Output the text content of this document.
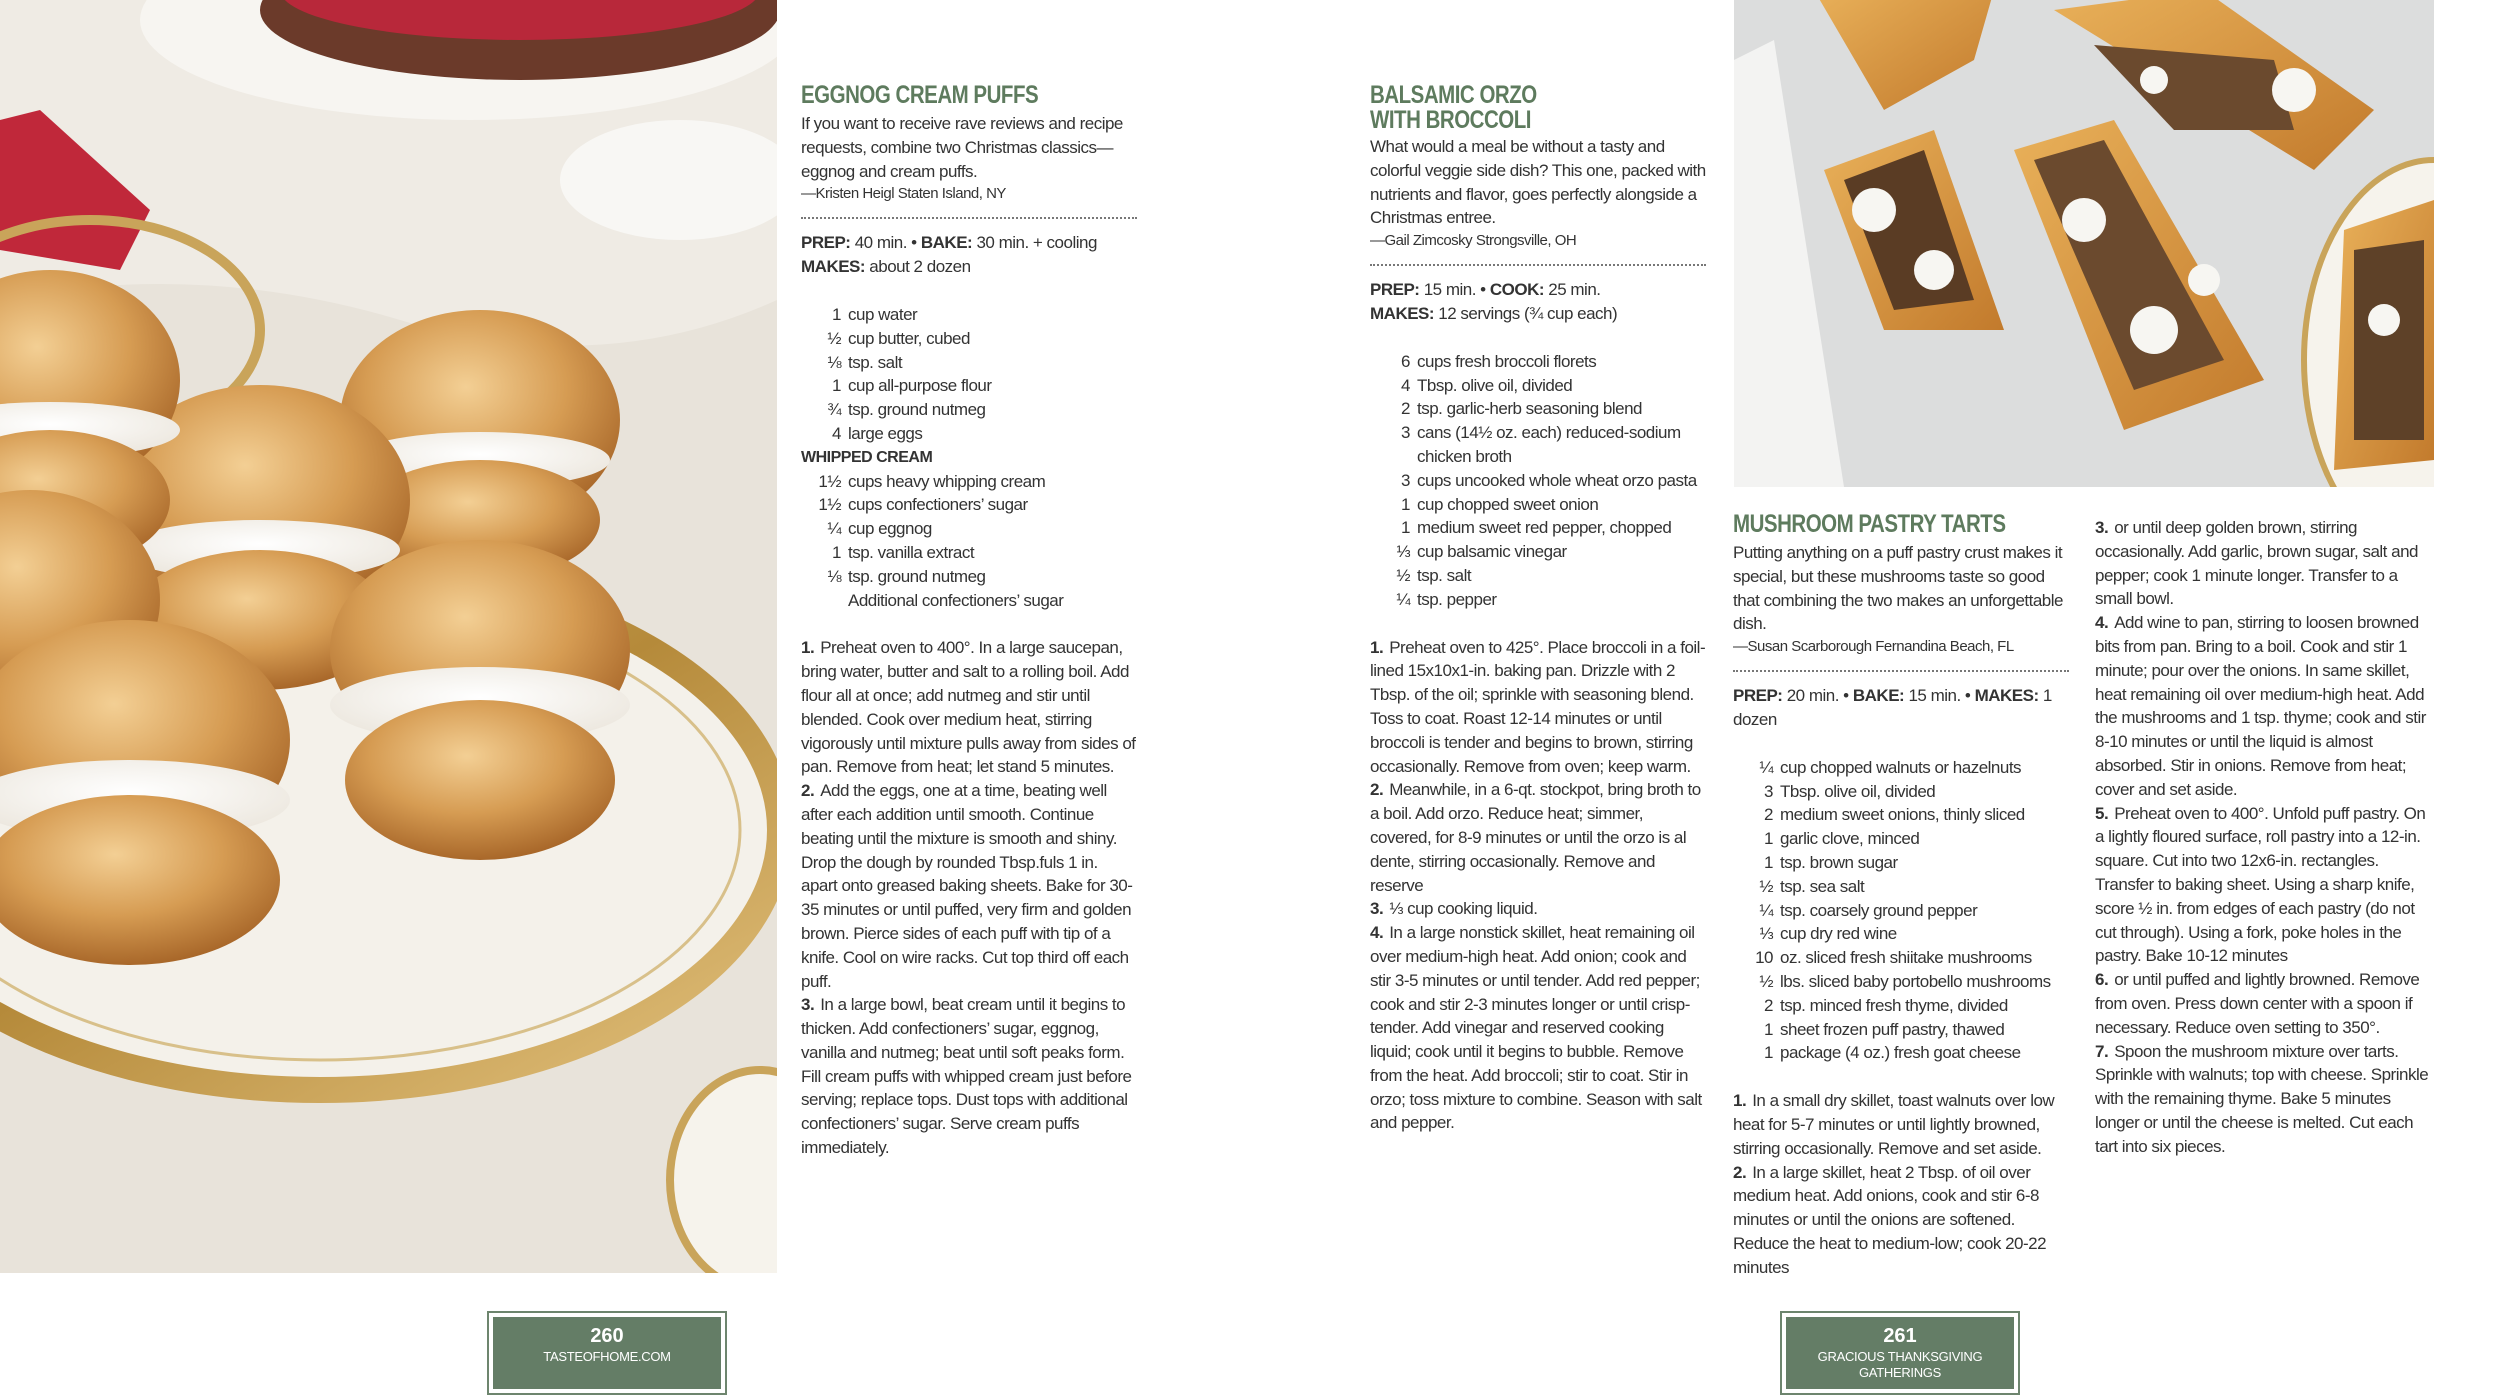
EGGNOG CREAM PUFFS

If you want to receive rave reviews and recipe requests, combine two Christmas classics—eggnog and cream puffs.

—Kristen Heigl Staten Island, NY

PREP: 40 min. • BAKE: 30 min. + cooling

MAKES: about 2 dozen

1 cup water
½ cup butter, cubed
⅛ tsp. salt
1 cup all-purpose flour
¾ tsp. ground nutmeg
4 large eggs
WHIPPED CREAM
1½ cups heavy whipping cream
1½ cups confectioners’ sugar
¼ cup eggnog
1 tsp. vanilla extract
⅛ tsp. ground nutmeg
Additional confectioners’ sugar
1. Preheat oven to 400°. In a large saucepan, bring water, butter and salt to a rolling boil. Add flour all at once; add nutmeg and stir until blended. Cook over medium heat, stirring vigorously until mixture pulls away from sides of pan. Remove from heat; let stand 5 minutes.
2. Add the eggs, one at a time, beating well after each addition until smooth. Continue beating until the mixture is smooth and shiny. Drop the dough by rounded Tbsp.fuls 1 in. apart onto greased baking sheets. Bake for 30-35 minutes or until puffed, very firm and golden brown. Pierce sides of each puff with tip of a knife. Cool on wire racks. Cut top third off each puff.
3. In a large bowl, beat cream until it begins to thicken. Add confectioners’ sugar, eggnog, vanilla and nutmeg; beat until soft peaks form. Fill cream puffs with whipped cream just before serving; replace tops. Dust tops with additional confectioners’ sugar. Serve cream puffs immediately.
BALSAMIC ORZO
WITH BROCCOLI

What would a meal be without a tasty and colorful veggie side dish? This one, packed with nutrients and flavor, goes perfectly alongside a Christmas entree.

—Gail Zimcosky Strongsville, OH

PREP: 15 min. • COOK: 25 min.

MAKES: 12 servings (¾ cup each)

6 cups fresh broccoli florets
4 Tbsp. olive oil, divided
2 tsp. garlic-herb seasoning blend
3 cans (14½ oz. each) reduced-sodium
chicken broth
3 cups uncooked whole wheat orzo pasta
1 cup chopped sweet onion
1 medium sweet red pepper, chopped
⅓ cup balsamic vinegar
½ tsp. salt
¼ tsp. pepper
1. Preheat oven to 425°. Place broccoli in a foil-lined 15x10x1-in. baking pan. Drizzle with 2 Tbsp. of the oil; sprinkle with seasoning blend. Toss to coat. Roast 12-14 minutes or until broccoli is tender and begins to brown, stirring occasionally. Remove from oven; keep warm.
2. Meanwhile, in a 6-qt. stockpot, bring broth to a boil. Add orzo. Reduce heat; simmer, covered, for 8-9 minutes or until the orzo is al dente, stirring occasionally. Remove and reserve
3. ⅓ cup cooking liquid.
4. In a large nonstick skillet, heat remaining oil over medium-high heat. Add onion; cook and stir 3-5 minutes or until tender. Add red pepper; cook and stir 2-3 minutes longer or until crisp-tender. Add vinegar and reserved cooking liquid; cook until it begins to bubble. Remove from the heat. Add broccoli; stir to coat. Stir in orzo; toss mixture to combine. Season with salt and pepper.
MUSHROOM PASTRY TARTS

Putting anything on a puff pastry crust makes it special, but these mushrooms taste so good that combining the two makes an unforgettable dish.

—Susan Scarborough Fernandina Beach, FL

PREP: 20 min. • BAKE: 15 min. • MAKES: 1 dozen

¼ cup chopped walnuts or hazelnuts
3 Tbsp. olive oil, divided
2 medium sweet onions, thinly sliced
1 garlic clove, minced
1 tsp. brown sugar
½ tsp. sea salt
¼ tsp. coarsely ground pepper
⅓ cup dry red wine
10 oz. sliced fresh shiitake mushrooms
½ lbs. sliced baby portobello mushrooms
2 tsp. minced fresh thyme, divided
1 sheet frozen puff pastry, thawed
1 package (4 oz.) fresh goat cheese
1. In a small dry skillet, toast walnuts over low heat for 5-7 minutes or until lightly browned, stirring occasionally. Remove and set aside.
2. In a large skillet, heat 2 Tbsp. of oil over medium heat. Add onions, cook and stir 6-8 minutes or until the onions are softened. Reduce the heat to medium-low; cook 20-22 minutes
3. or until deep golden brown, stirring occasionally. Add garlic, brown sugar, salt and pepper; cook 1 minute longer. Transfer to a small bowl.
4. Add wine to pan, stirring to loosen browned bits from pan. Bring to a boil. Cook and stir 1 minute; pour over the onions. In same skillet, heat remaining oil over medium-high heat. Add the mushrooms and 1 tsp. thyme; cook and stir 8-10 minutes or until the liquid is almost absorbed. Stir in onions. Remove from heat; cover and set aside.
5. Preheat oven to 400°. Unfold puff pastry. On a lightly floured surface, roll pastry into a 12-in. square. Cut into two 12x6-in. rectangles. Transfer to baking sheet. Using a sharp knife, score ½ in. from edges of each pastry (do not cut through). Using a fork, poke holes in the pastry. Bake 10-12 minutes
6. or until puffed and lightly browned. Remove from oven. Press down center with a spoon if necessary. Reduce oven setting to 350°.
7. Spoon the mushroom mixture over tarts. Sprinkle with walnuts; top with cheese. Sprinkle with the remaining thyme. Bake 5 minutes longer or until the cheese is melted. Cut each tart into six pieces.
260
TASTEOFHOME.COM
261
GRACIOUS THANKSGIVING GATHERINGS
